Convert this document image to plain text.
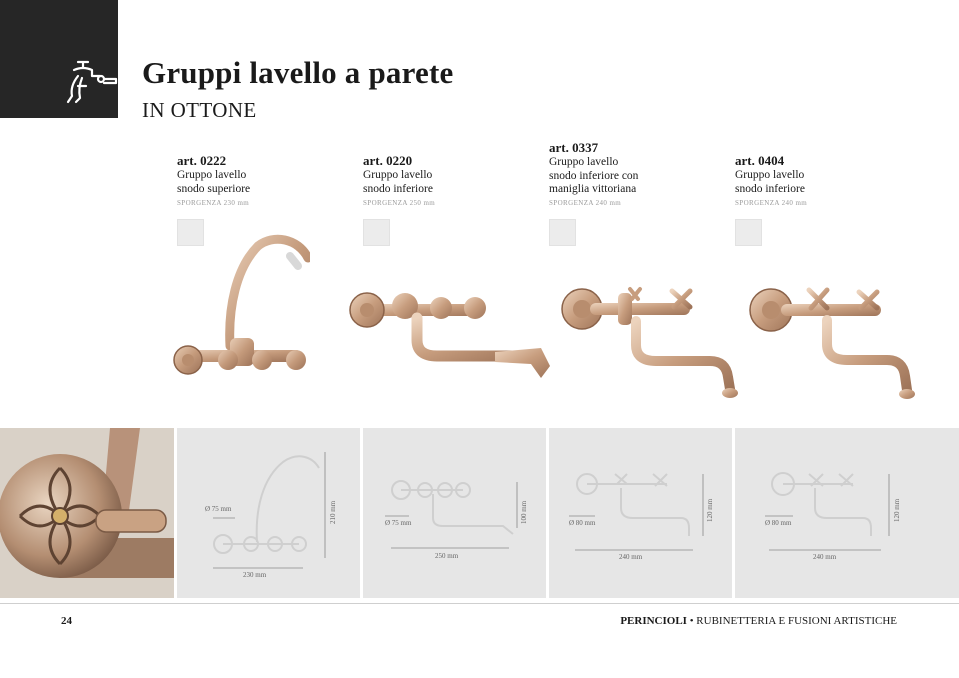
Gruppi lavello a parete
IN OTTONE
art. 0222
Gruppo lavello
snodo superiore
SPORGENZA 230 mm
art. 0220
Gruppo lavello
snodo inferiore
SPORGENZA 250 mm
art. 0337
Gruppo lavello
snodo inferiore con
maniglia vittoriana
SPORGENZA 240 mm
art. 0404
Gruppo lavello
snodo inferiore
SPORGENZA 240 mm
Ø 75 mm	210 mm
230 mm
Ø 75 mm	100 mm
250 mm
Ø 80 mm
120 mm
240 mm
Ø 80 mm
120 mm
240 mm
24	PERINCIOLI • RUBINETTERIA E FUSIONI ARTISTICHE
